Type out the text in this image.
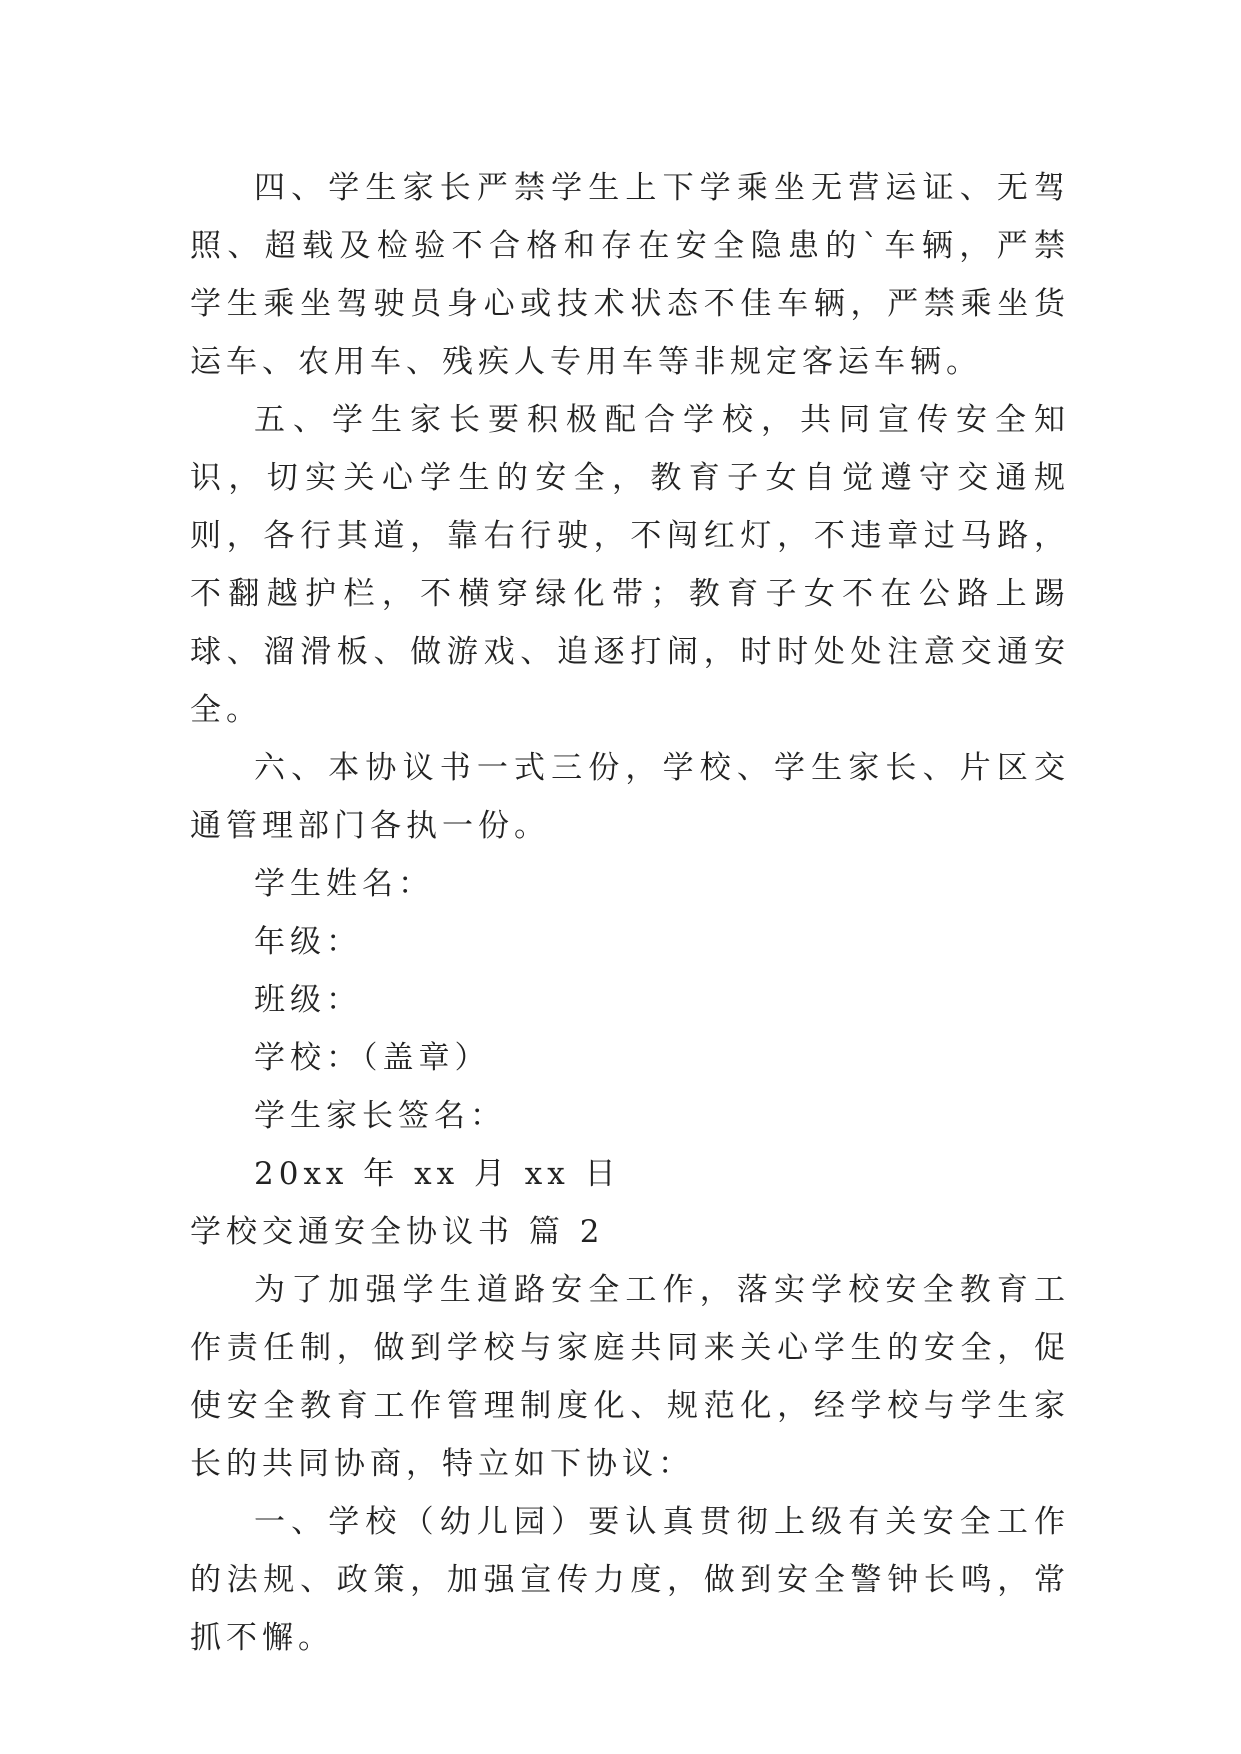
四、学生家长严禁学生上下学乘坐无营运证、无驾照、超载及检验不合格和存在安全隐患的`车辆，严禁学生乘坐驾驶员身心或技术状态不佳车辆，严禁乘坐货运车、农用车、残疾人专用车等非规定客运车辆。

五、学生家长要积极配合学校，共同宣传安全知识，切实关心学生的安全，教育子女自觉遵守交通规则，各行其道，靠右行驶，不闯红灯，不违章过马路，不翻越护栏，不横穿绿化带；教育子女不在公路上踢球、溜滑板、做游戏、追逐打闹，时时处处注意交通安全。

六、本协议书一式三份，学校、学生家长、片区交通管理部门各执一份。

学生姓名：

年级：

班级：

学校：（盖章）

学生家长签名：

20xx 年 xx 月 xx 日

学校交通安全协议书 篇 2

为了加强学生道路安全工作，落实学校安全教育工作责任制，做到学校与家庭共同来关心学生的安全，促使安全教育工作管理制度化、规范化，经学校与学生家长的共同协商，特立如下协议：

一、学校（幼儿园）要认真贯彻上级有关安全工作的法规、政策，加强宣传力度，做到安全警钟长鸣，常抓不懈。
